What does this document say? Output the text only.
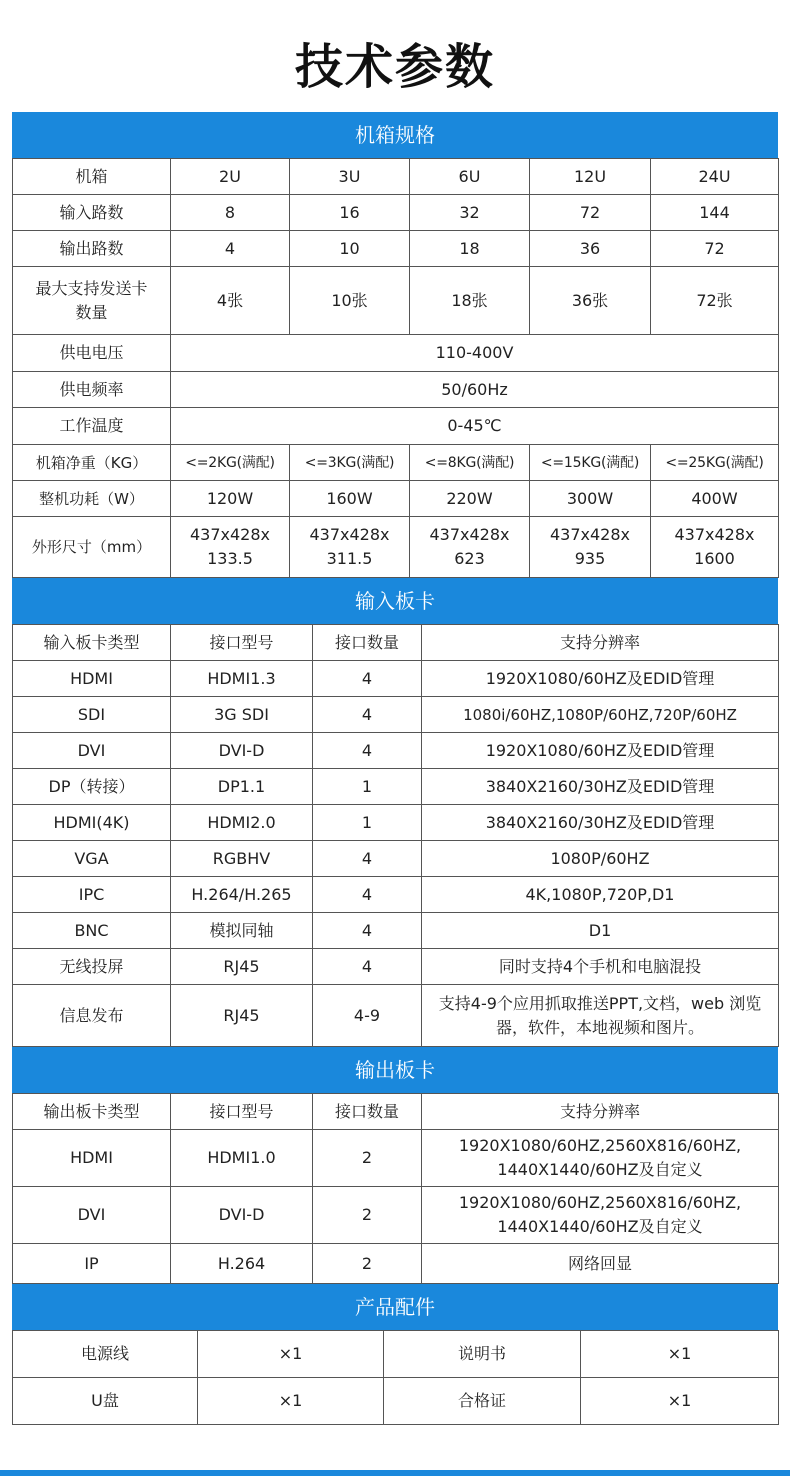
技术参数
机箱规格
机箱	2U	3U	6U	12U	24U
输入路数	8	16	32	72	144
输出路数	4	10	18	36	72
最大支持发送卡数量	4张	10张	18张	36张	72张
供电电压	110-400V				
供电频率	50/60Hz				
工作温度	0-45℃				
机箱净重（KG）	<=2KG(满配)	<=3KG(满配)	<=8KG(满配)	<=15KG(满配)	<=25KG(满配)
整机功耗（W）	120W	160W	220W	300W	400W
外形尺寸（mm）	437x428x 133.5	437x428x 311.5	437x428x 623	437x428x 935	437x428x 1600
输入板卡
输入板卡类型	接口型号	接口数量	支持分辨率
HDMI	HDMI1.3	4	1920X1080/60HZ及EDID管理
SDI	3G SDI	4	1080i/60HZ,1080P/60HZ,720P/60HZ
DVI	DVI-D	4	1920X1080/60HZ及EDID管理
DP（转接）	DP1.1	1	3840X2160/30HZ及EDID管理
HDMI(4K)	HDMI2.0	1	3840X2160/30HZ及EDID管理
VGA	RGBHV	4	1080P/60HZ
IPC	H.264/H.265	4	4K,1080P,720P,D1
BNC	模拟同轴	4	D1
无线投屏	RJ45	4	同时支持4个手机和电脑混投
信息发布	RJ45	4-9	支持4-9个应用抓取推送PPT,文档，web 浏览器，软件，本地视频和图片。
输出板卡
输出板卡类型	接口型号	接口数量	支持分辨率
HDMI	HDMI1.0	2	1920X1080/60HZ,2560X816/60HZ, 1440X1440/60HZ及自定义
DVI	DVI-D	2	1920X1080/60HZ,2560X816/60HZ, 1440X1440/60HZ及自定义
IP	H.264	2	网络回显
产品配件
电源线	×1	说明书	×1
U盘	×1	合格证	×1
